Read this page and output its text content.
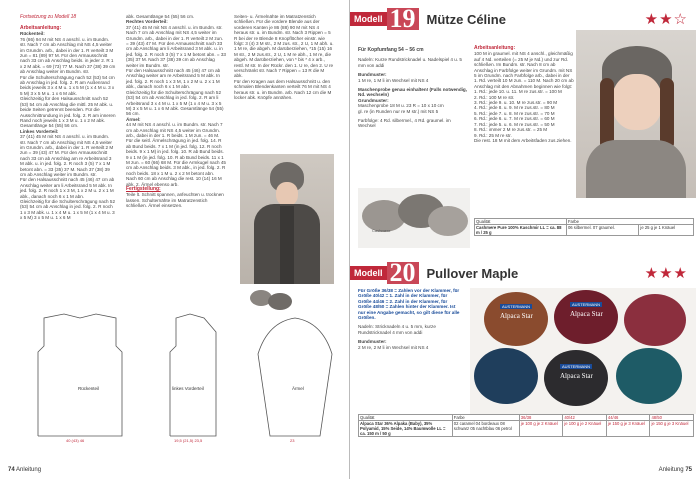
Fortsetzung zu Modell 18
Arbeitsanleitung:
Rückenteil:

76 (86) 94 M mit NS 4 anschl. u. im Bundm. str. Nach 7 cm ab Anschlag mit NS 4,5 weiter im Grundm. arb., dabei in der 1. R verteilt 3 M zun = 81 (89) 97 M. Für den Armausschnitt nach 33 cm ab Anschlag beids. in jeder 2. R 1 x 2 M abk. = 69 (73) 77 M. Nach 37 (38) 39 cm ab Anschlag weiter im Bundm. str.

Für die Schulterschrägung nach 52 (53) 54 cm ab Anschlag in jed. folg. 2. R am Außenrand beids jeweils 3 x 4 M u. 1 x 5 M (1 x 4 M u. 3 x 5 M) 3 x 5 M u. 1 x 6 M abk.

Gleichzeitig für den Halsausschnitt nach 52 (53) 54 cm ab Anschlag die mittl. 25 M abk. u. beide Seiten getrennt beenden. Für die Ausschnittrundung in jed. folg. 2. R am inneren Rand noch jeweils 1 x 3 M u. 1 x 2 M abk. Gesamtlänge 54 (55) 56 cm.

Linkes Vorderteil:

37 (41) 45 M mit NS 4 anschl. u. im Bundm. str. Nach 7 cm ab Anschlag mit NS 4,5 weiter im Grundm. arb., dabei in der 1. R verteilt 2 M zun = 39 (43) 47 M. Für den Armausschnitt nach 33 cm ab Anschlag am re Arbeitsrand 3 M abk. u. in jed. folg. 2. R noch 3 (5) 7 x 1 M betont abn. = 33 (35) 37 M. Nach 37 (38) 39 cm ab Anschlag weiter im Bundm. str.

Für den Halsausschnitt nach 45 (46) 47 cm ab Anschlag weiter am li Arbeitsrand 5 M abk. In jed. folg. 2. R noch 1 x 3 M, 1 x 2 M u. 2 x 1 M abk., danach noch 6 x 1 M abn.

Gleichzeitig für die Schulterschrägung nach 52 (53) 54 cm ab Anschlag in jed. folg. 2. R noch 1 x 3 M abk. u. 1 x 4 M u. 1 x 5 M (1 x 4 M u. 3 x 5 M) 3 x 5 M u. 1 x 6 M

abk. Gesamtlänge 54 (55) 56 cm.

Rechtes Vorderteil:

37 (41) 45 M mit NS 4 anschl. u. im Bundm. str. Nach 7 cm ab Anschlag mit NS 4,5 weiter im Grundm. arb., dabei in der 1. R verteilt 2 M zun. = 39 (43) 47 M. Für den Armausschnitt nach 33 cm ab Anschlag am li Arbeitsrand 3 M abk. u. in jed. folg. 2. R noch 3 (5) 7 x 1 M betont abn. = 33 (35) 37 M. Nach 37 (38) 39 cm ab Anschlag weiter im Bundm. str.

Für den Halsausschnitt nach 45 (46) 47 cm ab Anschlag weiter am re Arbeitsrand 5 M abk. In jed. folg. 2. R noch 1 x 3 M, 1 x 2 M u. 2 x 1 M abk., danach noch 6 x 1 M abn.

Gleichzeitig für die Schulterschrägung nach 52 (53) 54 cm ab Anschlag in jed. folg. 2. R am li Arbeitsrand 3 x 4 M u. 1 x 5 M (1 x 4 M u. 3 x 5 M) 3 x 5 M u. 1 x 6 M abk. Gesamtlänge 54 (55) 56 cm.

Ärmel:

44 M mit NS 4 anschl. u. im Bundm. str. Nach 7 cm ab Anschlag mit NS 4,5 weiter im Grundm. arb., dabei in der 1. R beids. 1 M zun. = 46 M.

Für die seitl. Ärmelschrägung in jed. folg. 14. R ab Bund beids. 7 x 1 M (in jed. folg. 12. R noch beids. 9 x 1 M) in jed. folg. 10. R ab Bund beids. 9 x 1 M (in jed. folg. 10. R ab Bund beids. 11 x 1 M zun. = 60 (66) 68 M. Für die Armkugel nach 45 cm ab Anschlag beids. 3 M abk., in jed. folg. 2. R noch beids. 18 x 1 M u. 2 x 2 M betont abn. Nach 60 cm ab Anschlag die rest. 10 (14) 16 M abk. 2. Ärmel ebenso arb.

Fertigstellung:

Teile lt. Schnitt spannen, anfeuchten u. trocknen lassen. Schulternähte im Matratzenstich schließen. Ärmel einsetzen.

Seiten- u. Ärmelnähte im Matratzenstich schließen. Für die vordere Blende aus der vorderen Kanten je 86 (88) 90 M mit NS 4 heraus str. u. im Bundm. str. Nach 3 Rippen = 5 R bei der re Blende 8 Knopflöcher einstr. wie folgt: 3 (4) 3 M str., 2 M zus. str., 2 U, 1 M abh. u. 1 M re, die abgeh. M darüberziehen, *15 (15) 16 M str., 2 M zus.str., 2 U, 1 M re abh., 1 M re, die abgeh. M darüberziehen, von * bis * 4 x arb., restl. M str. In der Rückr. den 1. U re, den 2. U re verschränkt str. Nach 7 Rippen = 13 R die M abk.

Für den Kragen aus dem Halsausschnitt u. den schmalen Blendenkanten verteilt 76 M mit NS 4 heraus str. u. im Bundm. arb. Nach 12 cm die M locker abk. Knöpfe annähen.

Rückenteil
40 (43) 46
linkes Vorderteil
19,5 (21,5) 23,5
Ärmel
23
74 Anleitung
Modell 19 Mütze Céline	★★☆
Für Kopfumfang 54 – 56 cm

Nadeln: Kurze Rundstricknadel u. Nadelspiel 4 u. 5 mm von addi

Bundmuster:

1 M re, 1 M li im Wechsel mit NS 4

Maschenprobe genau einhalten! (Falls notwendig, Nd. wechseln)
Grundmuster:

Maschenprobe 18 M u. 23 R = 10 x 10 cm

gl. re (in Runden nur re M str.) mit NS 5

Farbfolge: 4 Rd. silbermel., 4 Rd. graumel. im Wechsel

Arbeitsanleitung:

100 M in graumel. mit NS 4 anschl., gleichmäßig auf 4 Nd. verteilen (= 25 M je Nd.) und zur Rd. schließen. Im Bundm. str. Nach 8 cm ab Anschlag in Farbfolge weiter im Grundm. mit NS 5 im Grundm. nach Farbfolge arb., dabei in der 1. Rd. verteilt 10 M zun. = 110 M. Nach 20 cm ab Anschlag mit den Abnahmen beginnen wie folgt:

1. Rd.: jede 10. u. 11. M re zus.str. = 100 M
2. Rd.: 100 M re str.
3. Rd.: jede 9. u. 10. M re zus.str. = 90 M
4. Rd.: jede 8. u. 9. M re zus.str. = 80 M
5. Rd.: jede 7. u. 8. M re zus.str. = 70 M
6. Rd.: jede 6. u. 7. M re zus.str. = 60 M
7. Rd.: jede 5. u. 6. M re zus.str. = 50 M
8. Rd.: immer 2 M re zus.str. = 25 M
9. Rd.: 25 M re str.

Die rest. 18 M mit dem Arbeitsfaden zus.ziehen.

Cashmere
Qualität	Farbe	
Cashmere Pure 100% Kaschmir LL = ca. 88 m / 25 g	06 silbermel. 07 graumel.	je 25 g je 1 Knäuel
Modell 20 Pullover Maple	★★★

Für Größe 36/38 = Zahlen vor der Klammer, für Größe 40/42 = 1. Zahl in der Klammer, für Größe 44/46 = 2. Zahl in der Klammer, für Größe 48/50 = Zahlen hinter der Klammer. Ist nur eine Angabe gemacht, so gilt diese für alle Größen.

Nadeln: Stricknadeln 4 u. 5 mm, kurze Rundstricknadel 4 mm von addi

Bundmuster:

2 M re, 2 M li im Wechsel mit NS 4

AUSTERMANN
Alpaca Star
AUSTERMANN
Alpaca Star
AUSTERMANN
Alpaca Star
Qualität	Farbe	36/38	40/42	44/46	48/50
Alpaca Star 36% Alpaka (Baby), 35% Polyamid, 15% Seide, 14% Baumwolle LL = ca. 150 m / 50 g	02 caramel 04 bordeaux 08 schwarz 05 nachtblau 06 petrol	je 100 g je 2 Knäuel	je 100 g je 2 Knäuel	je 150 g je 3 Knäuel	je 150 g je 3 Knäuel
Anleitung 75
